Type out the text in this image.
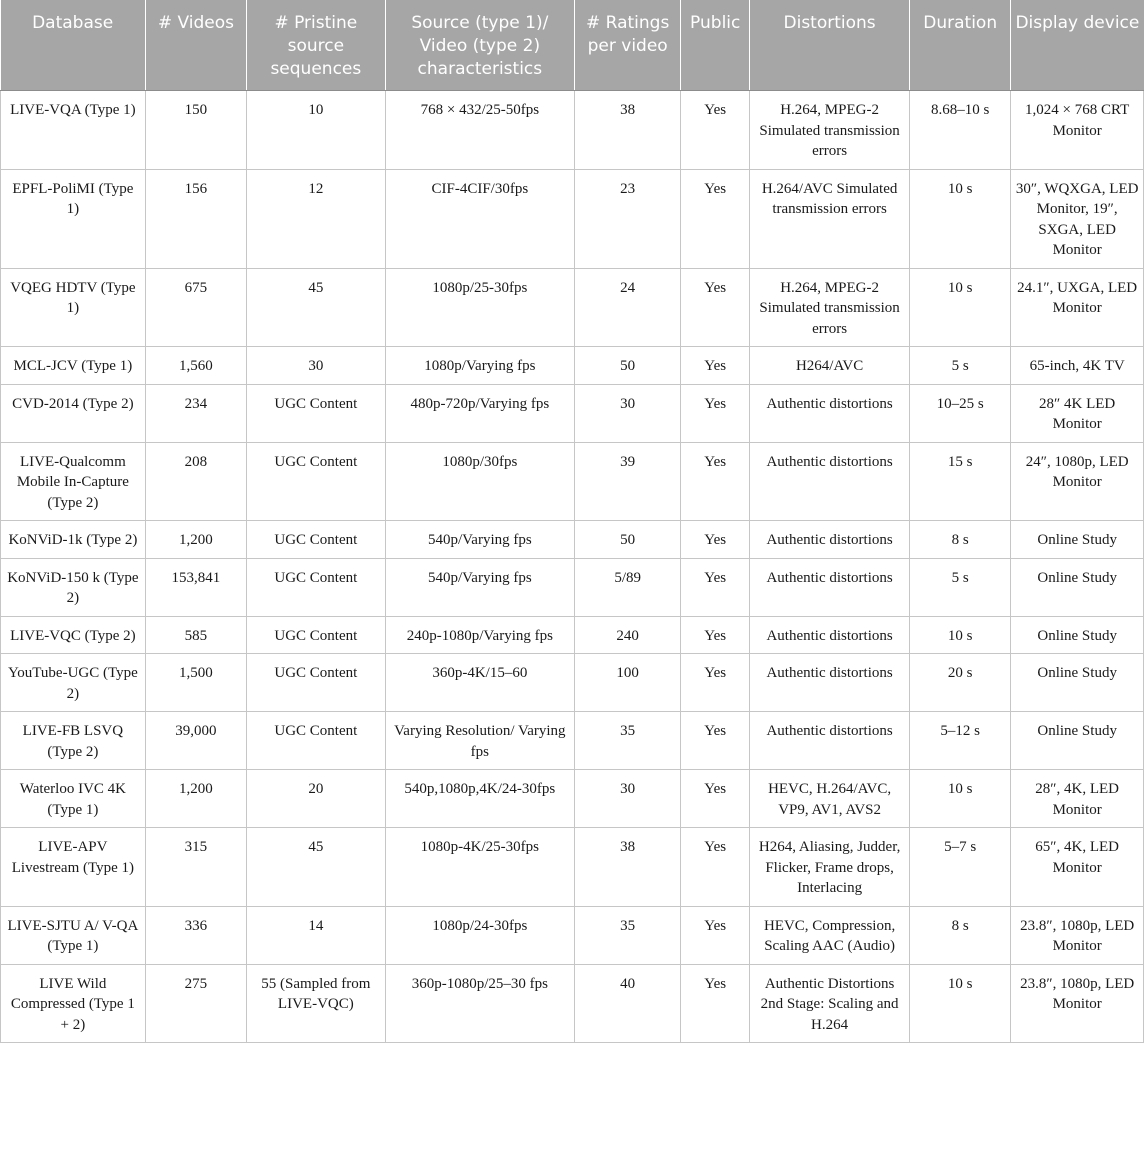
Database	# Videos	# Pristine source sequences	Source (type 1)/ Video (type 2) characteristics	# Ratings per video	Public	Distortions	Duration	Display device
LIVE-VQA (Type 1)	150	10	768 × 432/25-50fps	38	Yes	H.264, MPEG-2 Simulated transmission errors	8.68–10 s	1,024 × 768 CRT Monitor
EPFL-PoliMI (Type 1)	156	12	CIF-4CIF/30fps	23	Yes	H.264/AVC Simulated transmission errors	10 s	30″, WQXGA, LED Monitor, 19″, SXGA, LED Monitor
VQEG HDTV (Type 1)	675	45	1080p/25-30fps	24	Yes	H.264, MPEG-2 Simulated transmission errors	10 s	24.1″, UXGA, LED Monitor
MCL-JCV (Type 1)	1,560	30	1080p/Varying fps	50	Yes	H264/AVC	5 s	65-inch, 4K TV
CVD-2014 (Type 2)	234	UGC Content	480p-720p/Varying fps	30	Yes	Authentic distortions	10–25 s	28″ 4K LED Monitor
LIVE-Qualcomm Mobile In-Capture (Type 2)	208	UGC Content	1080p/30fps	39	Yes	Authentic distortions	15 s	24″, 1080p, LED Monitor
KoNViD-1k (Type 2)	1,200	UGC Content	540p/Varying fps	50	Yes	Authentic distortions	8 s	Online Study
KoNViD-150 k (Type 2)	153,841	UGC Content	540p/Varying fps	5/89	Yes	Authentic distortions	5 s	Online Study
LIVE-VQC (Type 2)	585	UGC Content	240p-1080p/Varying fps	240	Yes	Authentic distortions	10 s	Online Study
YouTube-UGC (Type 2)	1,500	UGC Content	360p-4K/15–60	100	Yes	Authentic distortions	20 s	Online Study
LIVE-FB LSVQ (Type 2)	39,000	UGC Content	Varying Resolution/ Varying fps	35	Yes	Authentic distortions	5–12 s	Online Study
Waterloo IVC 4K (Type 1)	1,200	20	540p,1080p,4K/24-30fps	30	Yes	HEVC, H.264/AVC, VP9, AV1, AVS2	10 s	28″, 4K, LED Monitor
LIVE-APV Livestream (Type 1)	315	45	1080p-4K/25-30fps	38	Yes	H264, Aliasing, Judder, Flicker, Frame drops, Interlacing	5–7 s	65″, 4K, LED Monitor
LIVE-SJTU A/ V-QA (Type 1)	336	14	1080p/24-30fps	35	Yes	HEVC, Compression, Scaling AAC (Audio)	8 s	23.8″, 1080p, LED Monitor
LIVE Wild Compressed (Type 1 + 2)	275	55 (Sampled from LIVE-VQC)	360p-1080p/25–30 fps	40	Yes	Authentic Distortions 2nd Stage: Scaling and H.264	10 s	23.8″, 1080p, LED Monitor
